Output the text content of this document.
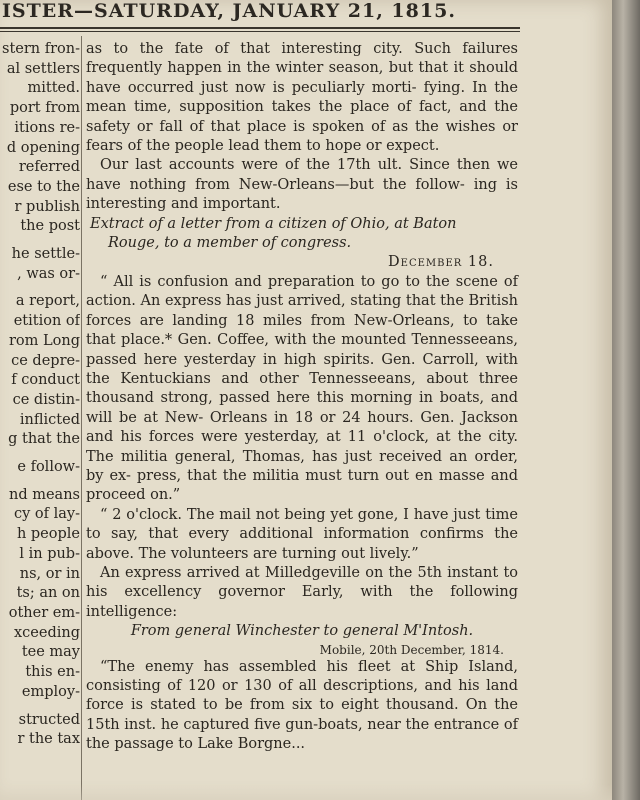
ISTER—SATURDAY, JANUARY 21, 1815.
stern fron-
al settlers
mitted.
port from
itions re-
d opening
referred
ese to the
r publish
the post
he settle-
, was or-
a report,
etition of
rom Long
ce depre-
f conduct
ce distin-
inflicted
g that the
e follow-
nd means
cy of lay-
h people
l in pub-
ns, or in
ts; an on
other em-
xceeding
tee may
this en-
employ-
structed
r the tax

as to the fate of that interesting city. Such failures frequently happen in the winter season, but that it should have occurred just now is peculiarly morti- fying. In the mean time, supposition takes the place of fact, and the safety or fall of that place is spoken of as the wishes or fears of the people lead them to hope or expect.

Our last accounts were of the 17th ult. Since then we have nothing from New-Orleans—but the follow- ing is interesting and important.

Extract of a letter from a citizen of Ohio, at Baton
Rouge, to a member of congress.

December 18.

“ All is confusion and preparation to go to the scene of action. An express has just arrived, stating that the British forces are landing 18 miles from New-Orleans, to take that place.* Gen. Coffee, with the mounted Tennesseeans, passed here yesterday in high spirits. Gen. Carroll, with the Kentuckians and other Tennesseeans, about three thousand strong, passed here this morning in boats, and will be at New- Orleans in 18 or 24 hours. Gen. Jackson and his forces were yesterday, at 11 o'clock, at the city. The militia general, Thomas, has just received an order, by ex- press, that the militia must turn out en masse and proceed on.”

“ 2 o'clock. The mail not being yet gone, I have just time to say, that every additional information confirms the above. The volunteers are turning out lively.”

An express arrived at Milledgeville on the 5th instant to his excellency governor Early, with the following intelligence:

From general Winchester to general M'Intosh.

Mobile, 20th December, 1814.

“The enemy has assembled his fleet at Ship Island, consisting of 120 or 130 of all descriptions, and his land force is stated to be from six to eight thousand. On the 15th inst. he captured five gun-boats, near the entrance of the passage to Lake Borgne...
